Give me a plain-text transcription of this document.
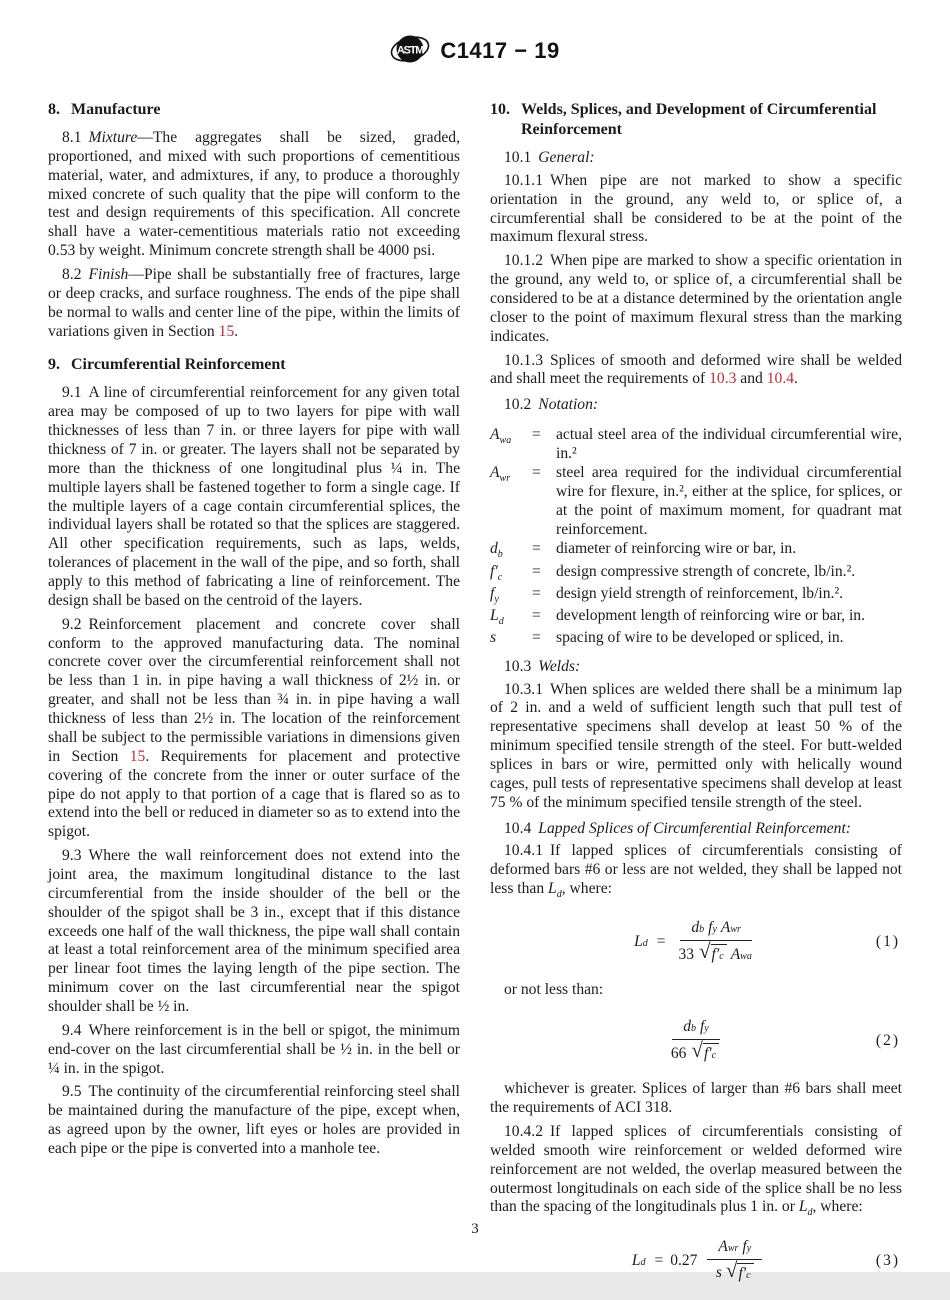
ASTM C1417 − 19
8. Manufacture

8.1 Mixture—The aggregates shall be sized, graded, proportioned, and mixed with such proportions of cementitious material, water, and admixtures, if any, to produce a thoroughly mixed concrete of such quality that the pipe will conform to the test and design requirements of this specification. All concrete shall have a water-cementitious materials ratio not exceeding 0.53 by weight. Minimum concrete strength shall be 4000 psi.

8.2 Finish—Pipe shall be substantially free of fractures, large or deep cracks, and surface roughness. The ends of the pipe shall be normal to walls and center line of the pipe, within the limits of variations given in Section 15.

9. Circumferential Reinforcement

9.1 A line of circumferential reinforcement for any given total area may be composed of up to two layers for pipe with wall thicknesses of less than 7 in. or three layers for pipe with wall thickness of 7 in. or greater. The layers shall not be separated by more than the thickness of one longitudinal plus ¼ in. The multiple layers shall be fastened together to form a single cage. If the multiple layers of a cage contain circumferential splices, the individual layers shall be rotated so that the splices are staggered. All other specification requirements, such as laps, welds, tolerances of placement in the wall of the pipe, and so forth, shall apply to this method of fabricating a line of reinforcement. The design shall be based on the centroid of the layers.

9.2 Reinforcement placement and concrete cover shall conform to the approved manufacturing data. The nominal concrete cover over the circumferential reinforcement shall not be less than 1 in. in pipe having a wall thickness of 2½ in. or greater, and shall not be less than ¾ in. in pipe having a wall thickness of less than 2½ in. The location of the reinforcement shall be subject to the permissible variations in dimensions given in Section 15. Requirements for placement and protective covering of the concrete from the inner or outer surface of the pipe do not apply to that portion of a cage that is flared so as to extend into the bell or reduced in diameter so as to extend into the spigot.

9.3 Where the wall reinforcement does not extend into the joint area, the maximum longitudinal distance to the last circumferential from the inside shoulder of the bell or the shoulder of the spigot shall be 3 in., except that if this distance exceeds one half of the wall thickness, the pipe wall shall contain at least a total reinforcement area of the minimum specified area per linear foot times the laying length of the pipe section. The minimum cover on the last circumferential near the spigot shoulder shall be ½ in.

9.4 Where reinforcement is in the bell or spigot, the minimum end-cover on the last circumferential shall be ½ in. in the bell or ¼ in. in the spigot.

9.5 The continuity of the circumferential reinforcing steel shall be maintained during the manufacture of the pipe, except when, as agreed upon by the owner, lift eyes or holes are provided in each pipe or the pipe is converted into a manhole tee.

10. Welds, Splices, and Development of Circumferential Reinforcement

10.1 General:

10.1.1 When pipe are not marked to show a specific orientation in the ground, any weld to, or splice of, a circumferential shall be considered to be at the point of the maximum flexural stress.

10.1.2 When pipe are marked to show a specific orientation in the ground, any weld to, or splice of, a circumferential shall be considered to be at a distance determined by the orientation angle closer to the point of maximum flexural stress than the marking indicates.

10.1.3 Splices of smooth and deformed wire shall be welded and shall meet the requirements of 10.3 and 10.4.

10.2 Notation:

$A_{wa}$	= actual steel area of the individual circumferential wire, in.²
$A_{wr}$	= steel area required for the individual circumferential wire for flexure, in.², either at the splice, for splices, or at the point of maximum moment, for quadrant mat reinforcement.
$d_b$	= diameter of reinforcing wire or bar, in.
$f'_c$	= design compressive strength of concrete, lb/in.².
$f_y$	= design yield strength of reinforcement, lb/in.².
$L_d$	= development length of reinforcing wire or bar, in.
s	= spacing of wire to be developed or spliced, in.

10.3 Welds:

10.3.1 When splices are welded there shall be a minimum lap of 2 in. and a weld of sufficient length such that pull test of representative specimens shall develop at least 50 % of the minimum specified tensile strength of the steel. For butt-welded splices in bars or wire, permitted only with helically wound cages, pull tests of representative specimens shall develop at least 75 % of the minimum specified tensile strength of the steel.

10.4 Lapped Splices of Circumferential Reinforcement:

10.4.1 If lapped splices of circumferentials consisting of deformed bars #6 or less are not welded, they shall be lapped not less than $L_d$, where:

L $d = \frac{\text{d b f y A wr}}{\text{33 √ f′ c A wa}}$	(1)

or not less than:

$\frac{\text{d b f y}}{66 √ f' c}$	(2)

whichever is greater. Splices of larger than #6 bars shall meet the requirements of ACI 318.

10.4.2 If lapped splices of circumferentials consisting of welded smooth wire reinforcement or welded deformed wire reinforcement are not welded, the overlap measured between the outermost longitudinals on each side of the splice shall be no less than the spacing of the longitudinals plus 1 in. or $L_d$, where:

L $d = 0.27 \frac{\text{A wr f y}}{s √ f' c}$	(3)
3
